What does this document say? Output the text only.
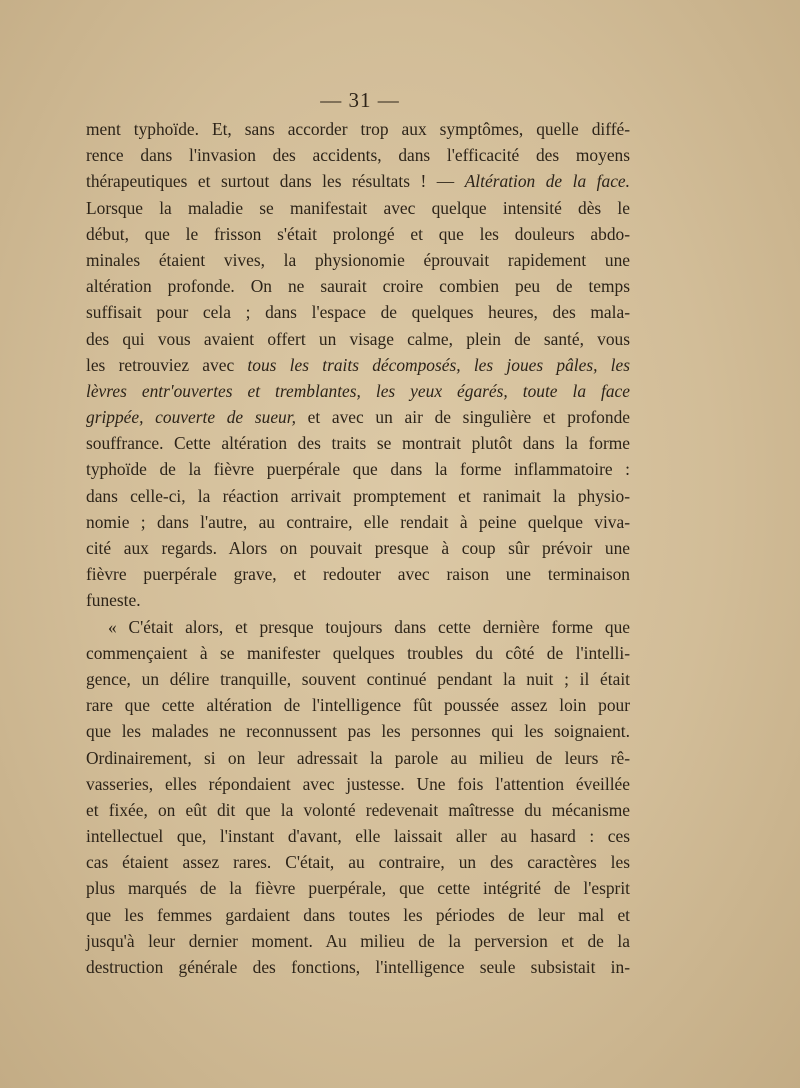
— 31 —
ment typhoïde. Et, sans accorder trop aux symptômes, quelle diffé-
rence dans l'invasion des accidents, dans l'efficacité des moyens
thérapeutiques et surtout dans les résultats ! — Altération de la face.
Lorsque la maladie se manifestait avec quelque intensité dès le
début, que le frisson s'était prolongé et que les douleurs abdo-
minales étaient vives, la physionomie éprouvait rapidement une
altération profonde. On ne saurait croire combien peu de temps
suffisait pour cela ; dans l'espace de quelques heures, des mala-
des qui vous avaient offert un visage calme, plein de santé, vous
les retrouviez avec tous les traits décomposés, les joues pâles, les
lèvres entr'ouvertes et tremblantes, les yeux égarés, toute la face
grippée, couverte de sueur, et avec un air de singulière et profonde
souffrance. Cette altération des traits se montrait plutôt dans la forme
typhoïde de la fièvre puerpérale que dans la forme inflammatoire :
dans celle-ci, la réaction arrivait promptement et ranimait la physio-
nomie ; dans l'autre, au contraire, elle rendait à peine quelque viva-
cité aux regards. Alors on pouvait presque à coup sûr prévoir une
fièvre puerpérale grave, et redouter avec raison une terminaison
funeste.
« C'était alors, et presque toujours dans cette dernière forme que
commençaient à se manifester quelques troubles du côté de l'intelli-
gence, un délire tranquille, souvent continué pendant la nuit ; il était
rare que cette altération de l'intelligence fût poussée assez loin pour
que les malades ne reconnussent pas les personnes qui les soignaient.
Ordinairement, si on leur adressait la parole au milieu de leurs rê-
vasseries, elles répondaient avec justesse. Une fois l'attention éveillée
et fixée, on eût dit que la volonté redevenait maîtresse du mécanisme
intellectuel que, l'instant d'avant, elle laissait aller au hasard : ces
cas étaient assez rares. C'était, au contraire, un des caractères les
plus marqués de la fièvre puerpérale, que cette intégrité de l'esprit
que les femmes gardaient dans toutes les périodes de leur mal et
jusqu'à leur dernier moment. Au milieu de la perversion et de la
destruction générale des fonctions, l'intelligence seule subsistait in-
